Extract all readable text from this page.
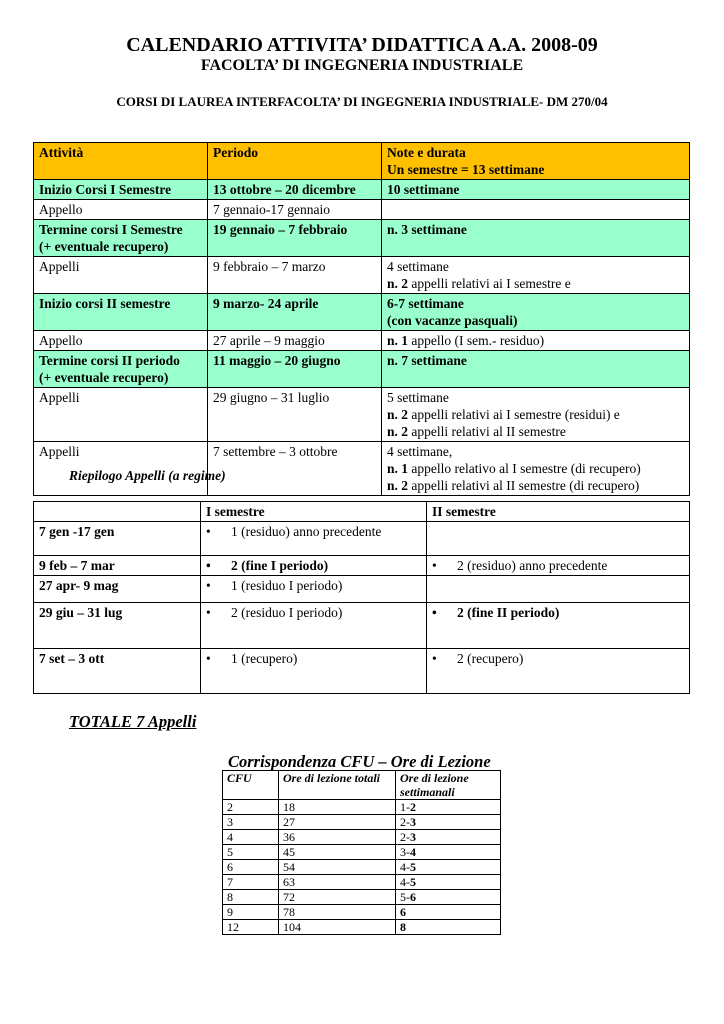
CALENDARIO ATTIVITA’ DIDATTICA A.A. 2008-09
FACOLTA’ DI INGEGNERIA INDUSTRIALE
CORSI DI LAUREA INTERFACOLTA’ DI INGEGNERIA INDUSTRIALE- DM 270/04
Attività	Periodo	Note e durata
Un semestre = 13 settimane

Inizio Corsi I Semestre	13 ottobre – 20 dicembre	10 settimane
Appello	7 gennaio-17 gennaio	

Termine corsi I Semestre
(+ eventuale recupero)	19 gennaio – 7 febbraio	n. 3 settimane
Appelli	9 febbraio – 7 marzo	4 settimane
n. 2 appelli relativi ai I semestre e

Inizio corsi II semestre	9 marzo- 24 aprile	6-7 settimane
(con vacanze pasquali)

Appello	27 aprile – 9 maggio	n. 1 appello (I sem.- residuo)

Termine corsi II periodo
(+ eventuale recupero)	11 maggio – 20 giugno	n. 7 settimane
Appelli	29 giugno – 31 luglio	5 settimane
n. 2 appelli relativi ai I semestre (residui) e
n. 2 appelli relativi al II semestre

Appelli	7 settembre – 3 ottobre	4 settimane,
n. 1 appello relativo al I semestre (di recupero)
n. 2 appelli relativi al II semestre (di recupero)
Riepilogo Appelli (a regime)
	I semestre	II semestre
7 gen -17 gen	• 1 (residuo) anno precedente

9 feb – 7 mar	• 2 (fine I periodo)	• 2 (residuo) anno precedente

27 apr- 9 mag	• 1 (residuo I periodo)

29 giu – 31 lug	• 2 (residuo I periodo)	• 2 (fine II periodo)

7 set – 3 ott	• 1 (recupero)	• 2 (recupero)
TOTALE 7 Appelli
Corrispondenza CFU – Ore di Lezione
CFU	Ore di lezione totali	Ore di lezione settimanali
2	18	1-2
3	27	2-3
4	36	2-3
5	45	3-4
6	54	4-5
7	63	4-5
8	72	5-6
9	78	6
12	104	8
